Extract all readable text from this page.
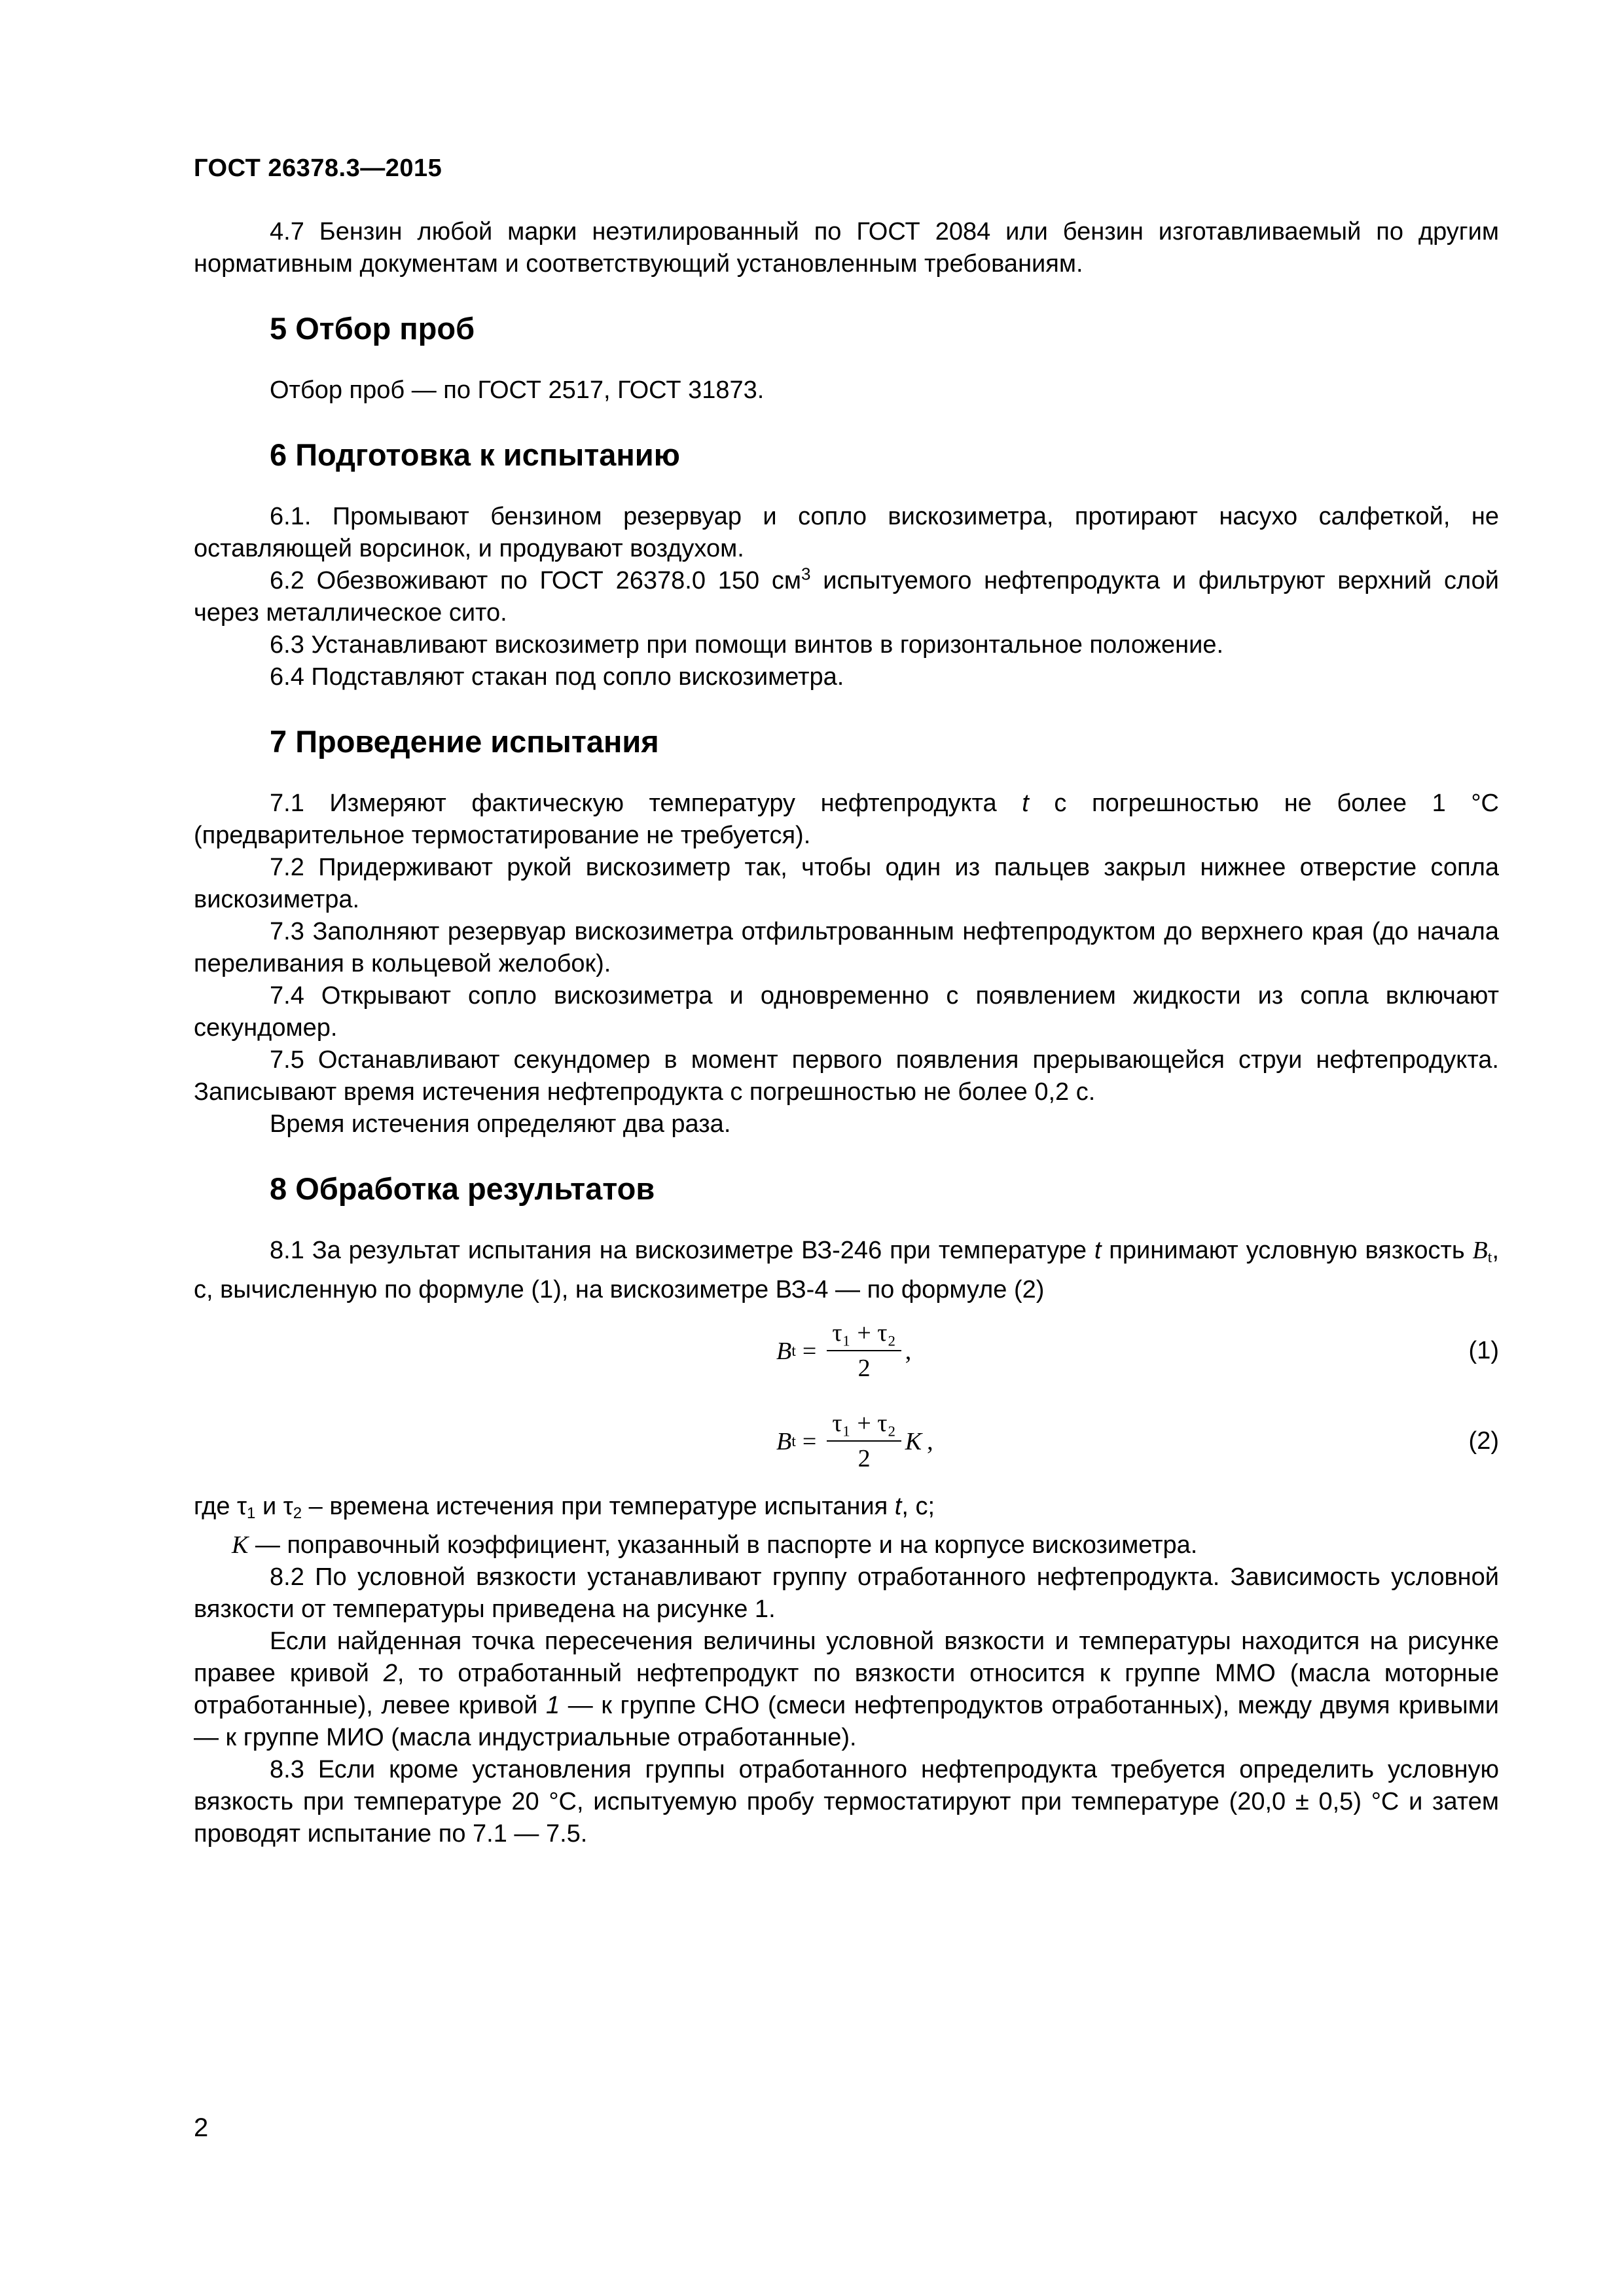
ГОСТ 26378.3—2015

4.7 Бензин любой марки неэтилированный по ГОСТ 2084 или бензин изготавливаемый по другим нормативным документам и соответствующий установленным требованиям.

5 Отбор проб

Отбор проб — по ГОСТ 2517, ГОСТ 31873.

6 Подготовка к испытанию

6.1. Промывают бензином резервуар и сопло вискозиметра, протирают насухо салфеткой, не оставляющей ворсинок, и продувают воздухом.

6.2 Обезвоживают по ГОСТ 26378.0 150 $см^3$ испытуемого нефтепродукта и фильтруют верхний слой через металлическое сито.

6.3 Устанавливают вискозиметр при помощи винтов в горизонтальное положение.

6.4 Подставляют стакан под сопло вискозиметра.

7 Проведение испытания

7.1 Измеряют фактическую температуру нефтепродукта t с погрешностью не более 1 °С (предварительное термостатирование не требуется).

7.2 Придерживают рукой вискозиметр так, чтобы один из пальцев закрыл нижнее отверстие сопла вискозиметра.

7.3 Заполняют резервуар вискозиметра отфильтрованным нефтепродуктом до верхнего края (до начала переливания в кольцевой желобок).

7.4 Открывают сопло вискозиметра и одновременно с появлением жидкости из сопла включают секундомер.

7.5 Останавливают секундомер в момент первого появления прерывающейся струи нефтепродукта. Записывают время истечения нефтепродукта с погрешностью не более 0,2 с.

Время истечения определяют два раза.

8 Обработка результатов

8.1 За результат испытания на вискозиметре ВЗ-246 при температуре t принимают условную вязкость $B_t$, с, вычисленную по формуле (1), на вискозиметре ВЗ-4 — по формуле (2)

B $t = \frac{\text{τ₁ + τ₂}}{2}$ ,	(1)
B $t = \frac{\text{τ₁ + τ₂}}{2}$ K ,	(2)

где $\tau_1$ и $\tau_2$ – времена истечения при температуре испытания t, с;

K — поправочный коэффициент, указанный в паспорте и на корпусе вискозиметра.

8.2 По условной вязкости устанавливают группу отработанного нефтепродукта. Зависимость условной вязкости от температуры приведена на рисунке 1.

Если найденная точка пересечения величины условной вязкости и температуры находится на рисунке правее кривой 2, то отработанный нефтепродукт по вязкости относится к группе ММО (масла моторные отработанные), левее кривой 1 — к группе СНО (смеси нефтепродуктов отработанных), между двумя кривыми — к группе МИО (масла индустриальные отработанные).

8.3 Если кроме установления группы отработанного нефтепродукта требуется определить условную вязкость при температуре 20 °С, испытуемую пробу термостатируют при температуре (20,0 ± 0,5) °С и затем проводят испытание по 7.1 — 7.5.

2
